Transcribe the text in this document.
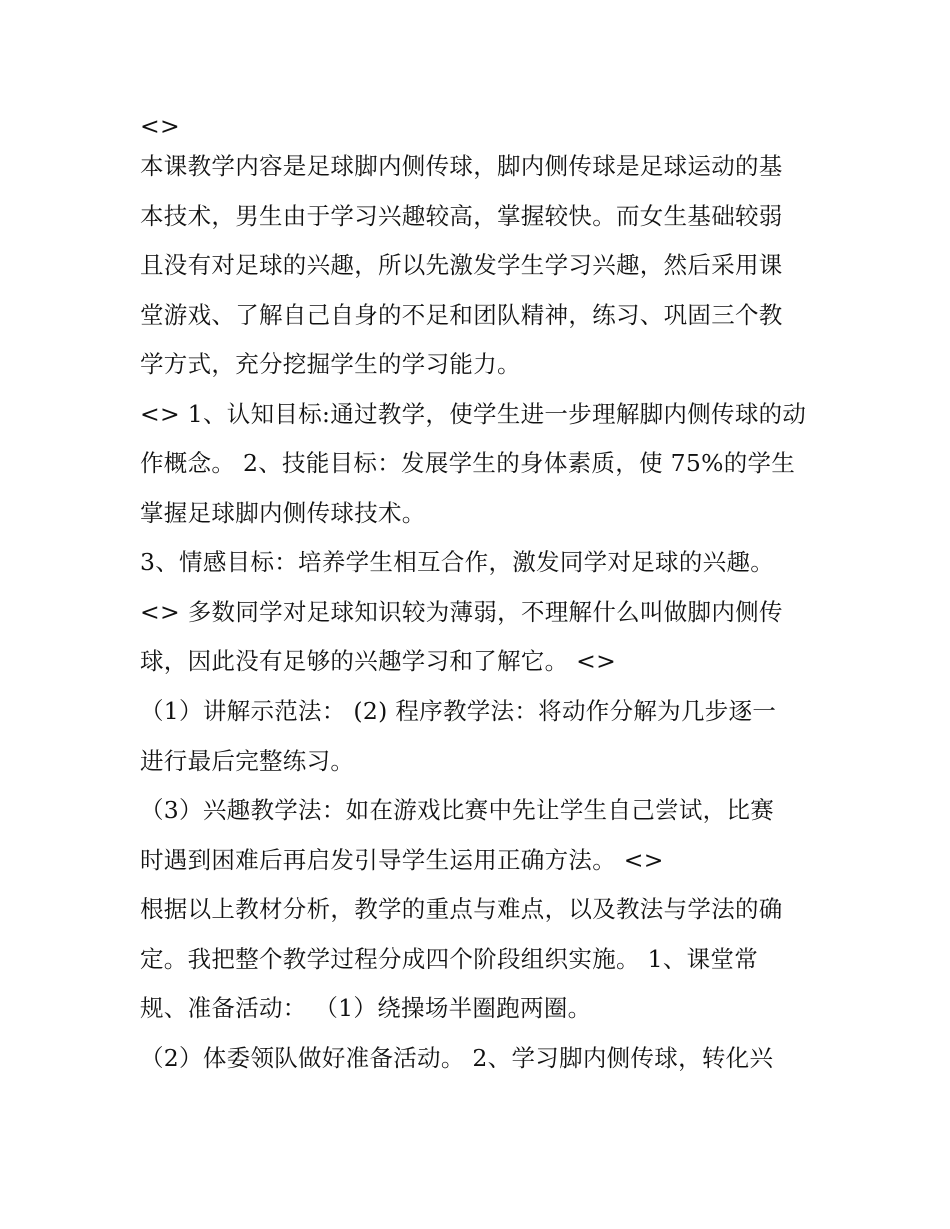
<>
本课教学内容是足球脚内侧传球，脚内侧传球是足球运动的基
本技术，男生由于学习兴趣较高，掌握较快。而女生基础较弱
且没有对足球的兴趣，所以先激发学生学习兴趣，然后采用课
堂游戏、了解自己自身的不足和团队精神，练习、巩固三个教
学方式，充分挖掘学生的学习能力。
<> 1、认知目标:通过教学，使学生进一步理解脚内侧传球的动
作概念。 2、技能目标：发展学生的身体素质，使 75%的学生
掌握足球脚内侧传球技术。
3、情感目标：培养学生相互合作，激发同学对足球的兴趣。
<> 多数同学对足球知识较为薄弱，不理解什么叫做脚内侧传
球，因此没有足够的兴趣学习和了解它。 <>
（1）讲解示范法： (2) 程序教学法：将动作分解为几步逐一
进行最后完整练习。
（3）兴趣教学法：如在游戏比赛中先让学生自己尝试，比赛
时遇到困难后再启发引导学生运用正确方法。 <>
根据以上教材分析，教学的重点与难点，以及教法与学法的确
定。我把整个教学过程分成四个阶段组织实施。 1、课堂常
规、准备活动： （1）绕操场半圈跑两圈。
（2）体委领队做好准备活动。 2、学习脚内侧传球，转化兴
